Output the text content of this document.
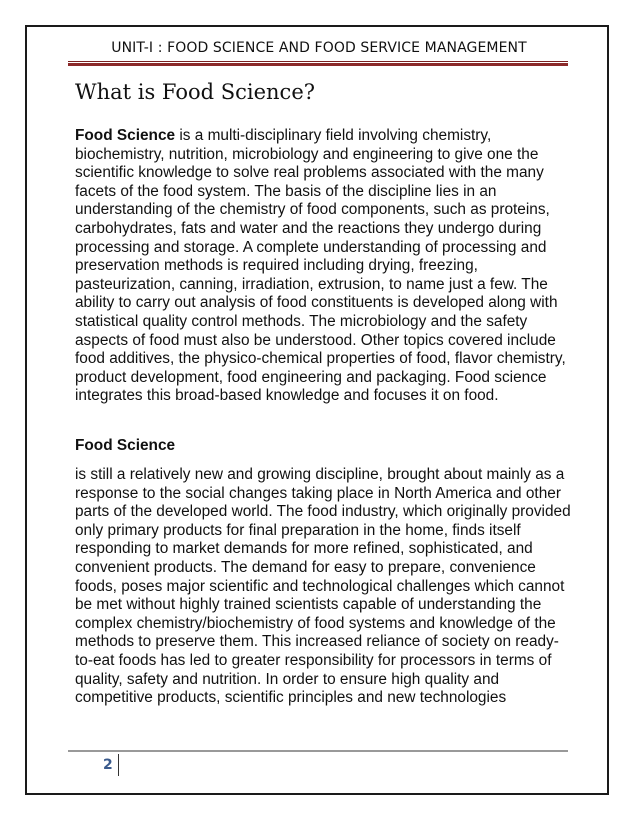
UNIT-I : FOOD SCIENCE AND FOOD SERVICE MANAGEMENT
What is Food Science?

Food Science is a multi-disciplinary field involving chemistry, biochemistry, nutrition, microbiology and engineering to give one the scientific knowledge to solve real problems associated with the many facets of the food system. The basis of the discipline lies in an understanding of the chemistry of food components, such as proteins, carbohydrates, fats and water and the reactions they undergo during processing and storage. A complete understanding of processing and preservation methods is required including drying, freezing, pasteurization, canning, irradiation, extrusion, to name just a few. The ability to carry out analysis of food constituents is developed along with statistical quality control methods. The microbiology and the safety aspects of food must also be understood. Other topics covered include food additives, the physico-chemical properties of food, flavor chemistry, product development, food engineering and packaging. Food science integrates this broad-based knowledge and focuses it on food.

Food Science

is still a relatively new and growing discipline, brought about mainly as a response to the social changes taking place in North America and other parts of the developed world. The food industry, which originally provided only primary products for final preparation in the home, finds itself responding to market demands for more refined, sophisticated, and convenient products. The demand for easy to prepare, convenience foods, poses major scientific and technological challenges which cannot be met without highly trained scientists capable of understanding the complex chemistry/biochemistry of food systems and knowledge of the methods to preserve them. This increased reliance of society on ready-to-eat foods has led to greater responsibility for processors in terms of quality, safety and nutrition. In order to ensure high quality and competitive products, scientific principles and new technologies

2
